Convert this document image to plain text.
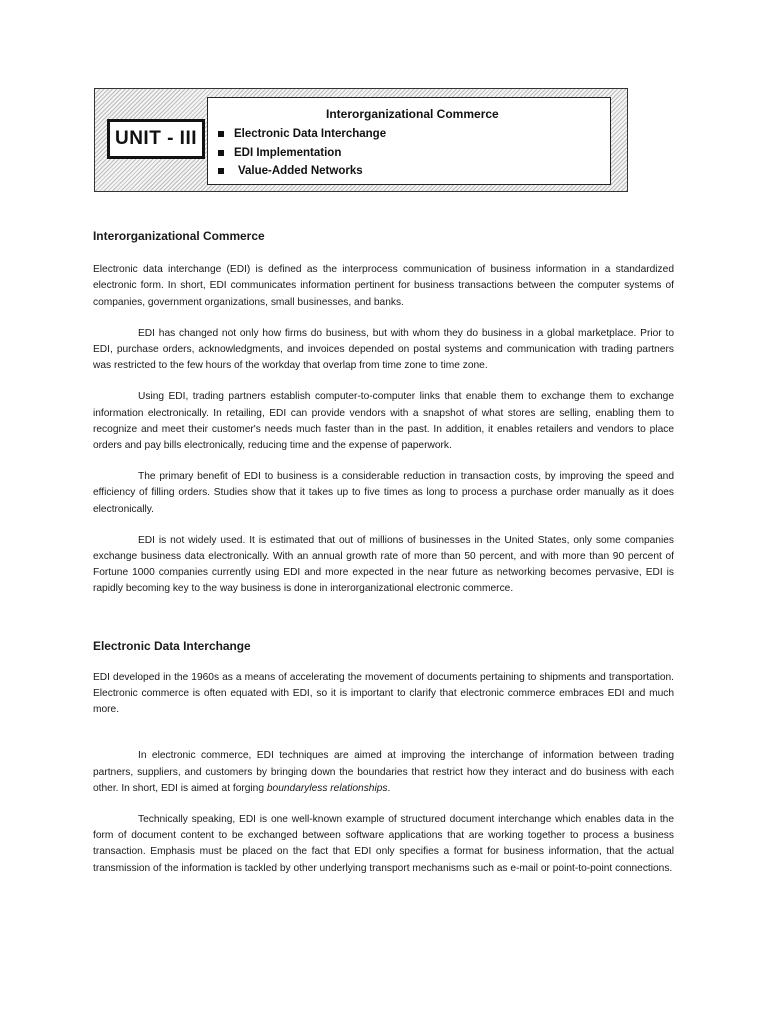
UNIT - III
Interorganizational Commerce
Electronic Data Interchange
EDI Implementation
Value-Added Networks
Interorganizational Commerce

Electronic data interchange (EDI) is defined as the interprocess communication of business information in a standardized electronic form. In short, EDI communicates information pertinent for business transactions between the computer systems of companies, government organizations, small businesses, and banks.

EDI has changed not only how firms do business, but with whom they do business in a global marketplace. Prior to EDI, purchase orders, acknowledgments, and invoices depended on postal systems and communication with trading partners was restricted to the few hours of the workday that overlap from time zone to time zone.

Using EDI, trading partners establish computer-to-computer links that enable them to exchange them to exchange information electronically. In retailing, EDI can provide vendors with a snapshot of what stores are selling, enabling them to recognize and meet their customer's needs much faster than in the past. In addition, it enables retailers and vendors to place orders and pay bills electronically, reducing time and the expense of paperwork.

The primary benefit of EDI to business is a considerable reduction in transaction costs, by improving the speed and efficiency of filling orders. Studies show that it takes up to five times as long to process a purchase order manually as it does electronically.

EDI is not widely used. It is estimated that out of millions of businesses in the United States, only some companies exchange business data electronically. With an annual growth rate of more than 50 percent, and with more than 90 percent of Fortune 1000 companies currently using EDI and more expected in the near future as networking becomes pervasive, EDI is rapidly becoming key to the way business is done in interorganizational electronic commerce.

Electronic Data Interchange

EDI developed in the 1960s as a means of accelerating the movement of documents pertaining to shipments and transportation. Electronic commerce is often equated with EDI, so it is important to clarify that electronic commerce embraces EDI and much more.

In electronic commerce, EDI techniques are aimed at improving the interchange of information between trading partners, suppliers, and customers by bringing down the boundaries that restrict how they interact and do business with each other. In short, EDI is aimed at forging boundaryless relationships.

Technically speaking, EDI is one well-known example of structured document interchange which enables data in the form of document content to be exchanged between software applications that are working together to process a business transaction. Emphasis must be placed on the fact that EDI only specifies a format for business information, that the actual transmission of the information is tackled by other underlying transport mechanisms such as e-mail or point-to-point connections.
